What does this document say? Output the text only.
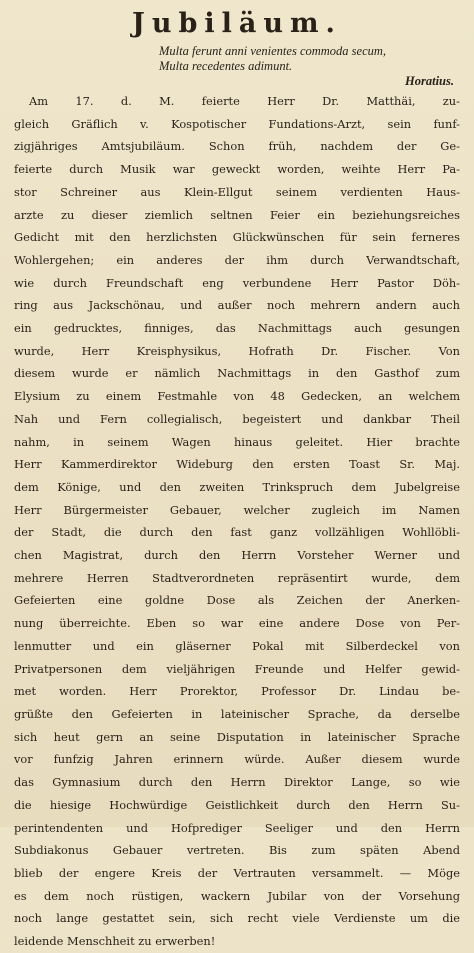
Jubiläum.
Multa ferunt anni venientes commoda secum,
Multa recedentes adimunt.
Horatius.
Am 17. d. M. feierte Herr Dr. Matthäi, zu-
gleich Gräflich v. Kospotischer Fundations-Arzt, sein funf-
zigjähriges Amtsjubiläum. Schon früh, nachdem der Ge-
feierte durch Musik war geweckt worden, weihte Herr Pa-
stor Schreiner aus Klein-Ellgut seinem verdienten Haus-
arzte zu dieser ziemlich seltnen Feier ein beziehungsreiches
Gedicht mit den herzlichsten Glückwünschen für sein ferneres
Wohlergehen; ein anderes der ihm durch Verwandtschaft,
wie durch Freundschaft eng verbundene Herr Pastor Döh-
ring aus Jackschönau, und außer noch mehrern andern auch
ein gedrucktes, finniges, das Nachmittags auch gesungen
wurde, Herr Kreisphysikus, Hofrath Dr. Fischer. Von
diesem wurde er nämlich Nachmittags in den Gasthof zum
Elysium zu einem Festmahle von 48 Gedecken, an welchem
Nah und Fern collegialisch, begeistert und dankbar Theil
nahm, in seinem Wagen hinaus geleitet. Hier brachte
Herr Kammerdirektor Wideburg den ersten Toast Sr. Maj.
dem Könige, und den zweiten Trinkspruch dem Jubelgreise
Herr Bürgermeister Gebauer, welcher zugleich im Namen
der Stadt, die durch den fast ganz vollzähligen Wohllöbli-
chen Magistrat, durch den Herrn Vorsteher Werner und
mehrere Herren Stadtverordneten repräsentirt wurde, dem
Gefeierten eine goldne Dose als Zeichen der Anerken-
nung überreichte. Eben so war eine andere Dose von Per-
lenmutter und ein gläserner Pokal mit Silberdeckel von
Privatpersonen dem vieljährigen Freunde und Helfer gewid-
met worden. Herr Prorektor, Professor Dr. Lindau be-
grüßte den Gefeierten in lateinischer Sprache, da derselbe
sich heut gern an seine Disputation in lateinischer Sprache
vor funfzig Jahren erinnern würde. Außer diesem wurde
das Gymnasium durch den Herrn Direktor Lange, so wie
die hiesige Hochwürdige Geistlichkeit durch den Herrn Su-
perintendenten und Hofprediger Seeliger und den Herrn
Subdiakonus Gebauer vertreten. Bis zum späten Abend
blieb der engere Kreis der Vertrauten versammelt. — Möge
es dem noch rüstigen, wackern Jubilar von der Vorsehung
noch lange gestattet sein, sich recht viele Verdienste um die
leidende Menschheit zu erwerben!
